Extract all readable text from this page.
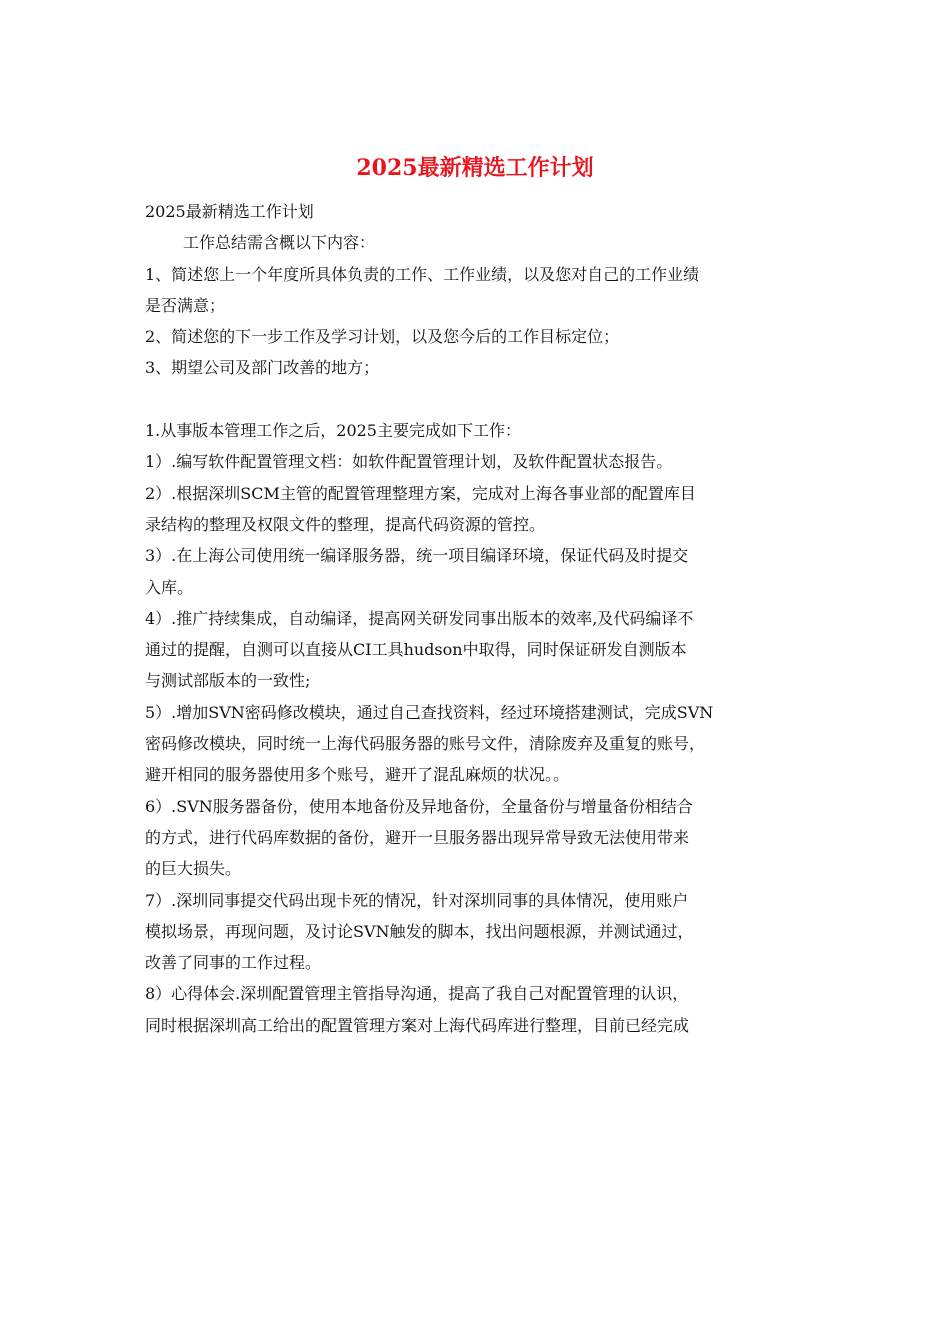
2025最新精选工作计划

2025最新精选工作计划

工作总结需含概以下内容：

1、简述您上一个年度所具体负责的工作、工作业绩，以及您对自己的工作业绩

是否满意；

2、简述您的下一步工作及学习计划，以及您今后的工作目标定位；

3、期望公司及部门改善的地方；

1.从事版本管理工作之后，2025主要完成如下工作：

1）.编写软件配置管理文档：如软件配置管理计划，及软件配置状态报告。

2）.根据深圳SCM主管的配置管理整理方案，完成对上海各事业部的配置库目

录结构的整理及权限文件的整理，提高代码资源的管控。

3）.在上海公司使用统一编译服务器，统一项目编译环境，保证代码及时提交

入库。

4）.推广持续集成，自动编译，提高网关研发同事出版本的效率,及代码编译不

通过的提醒，自测可以直接从CI工具hudson中取得，同时保证研发自测版本

与测试部版本的一致性;

5）.增加SVN密码修改模块，通过自己查找资料，经过环境搭建测试，完成SVN

密码修改模块，同时统一上海代码服务器的账号文件，清除废弃及重复的账号，

避开相同的服务器使用多个账号，避开了混乱麻烦的状况。。

6）.SVN服务器备份，使用本地备份及异地备份，全量备份与增量备份相结合

的方式，进行代码库数据的备份，避开一旦服务器出现异常导致无法使用带来

的巨大损失。

7）.深圳同事提交代码出现卡死的情况，针对深圳同事的具体情况，使用账户

模拟场景，再现问题，及讨论SVN触发的脚本，找出问题根源，并测试通过，

改善了同事的工作过程。

8）心得体会.深圳配置管理主管指导沟通，提高了我自己对配置管理的认识，

同时根据深圳高工给出的配置管理方案对上海代码库进行整理，目前已经完成
